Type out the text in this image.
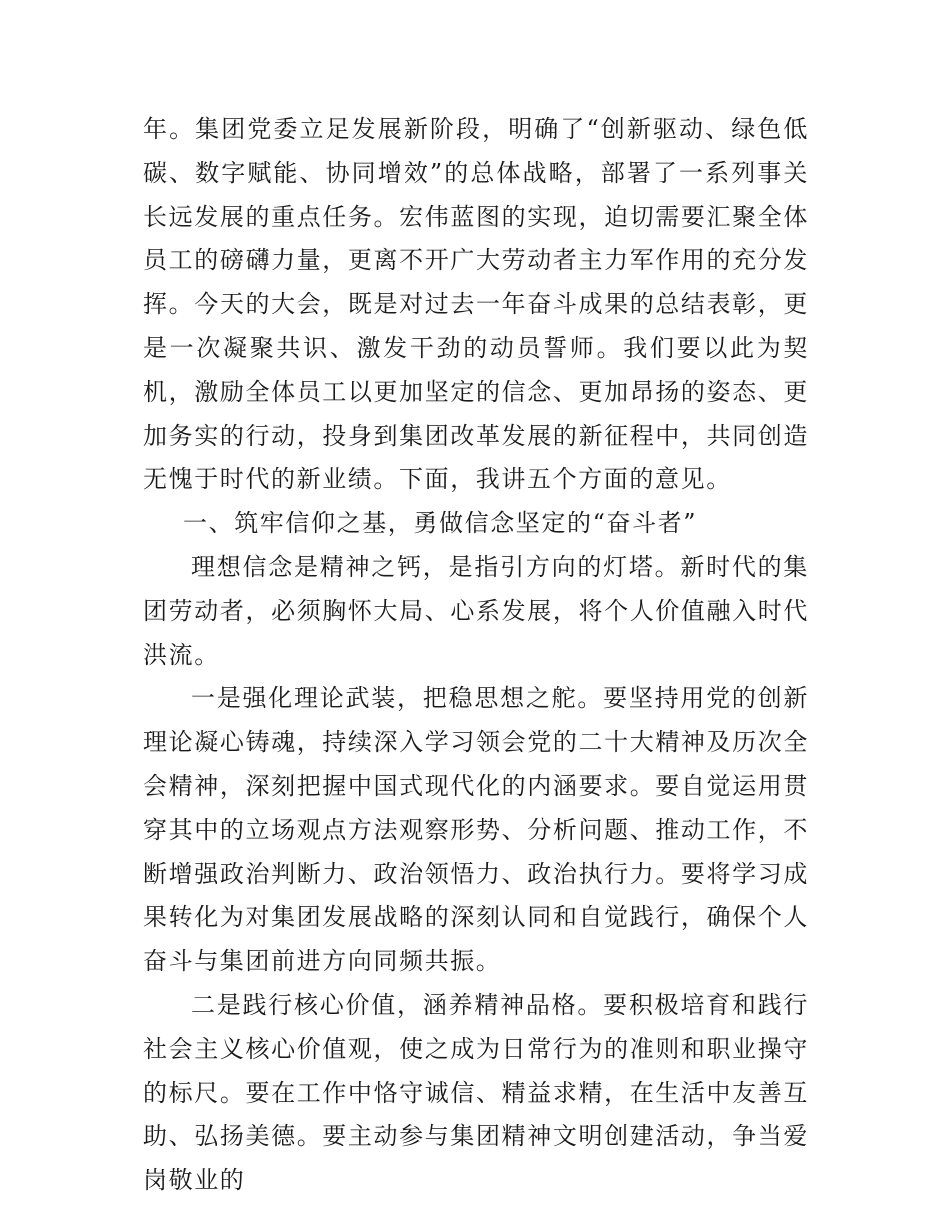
年。集团党委立足发展新阶段，明确了“创新驱动、绿色低碳、数字赋能、协同增效”的总体战略，部署了一系列事关长远发展的重点任务。宏伟蓝图的实现，迫切需要汇聚全体员工的磅礴力量，更离不开广大劳动者主力军作用的充分发挥。今天的大会，既是对过去一年奋斗成果的总结表彰，更是一次凝聚共识、激发干劲的动员誓师。我们要以此为契机，激励全体员工以更加坚定的信念、更加昂扬的姿态、更加务实的行动，投身到集团改革发展的新征程中，共同创造无愧于时代的新业绩。下面，我讲五个方面的意见。

一、筑牢信仰之基，勇做信念坚定的“奋斗者”

理想信念是精神之钙，是指引方向的灯塔。新时代的集团劳动者，必须胸怀大局、心系发展，将个人价值融入时代洪流。

一是强化理论武装，把稳思想之舵。要坚持用党的创新理论凝心铸魂，持续深入学习领会党的二十大精神及历次全会精神，深刻把握中国式现代化的内涵要求。要自觉运用贯穿其中的立场观点方法观察形势、分析问题、推动工作，不断增强政治判断力、政治领悟力、政治执行力。要将学习成果转化为对集团发展战略的深刻认同和自觉践行，确保个人奋斗与集团前进方向同频共振。

二是践行核心价值，涵养精神品格。要积极培育和践行社会主义核心价值观，使之成为日常行为的准则和职业操守的标尺。要在工作中恪守诚信、精益求精，在生活中友善互助、弘扬美德。要主动参与集团精神文明创建活动，争当爱岗敬业的
